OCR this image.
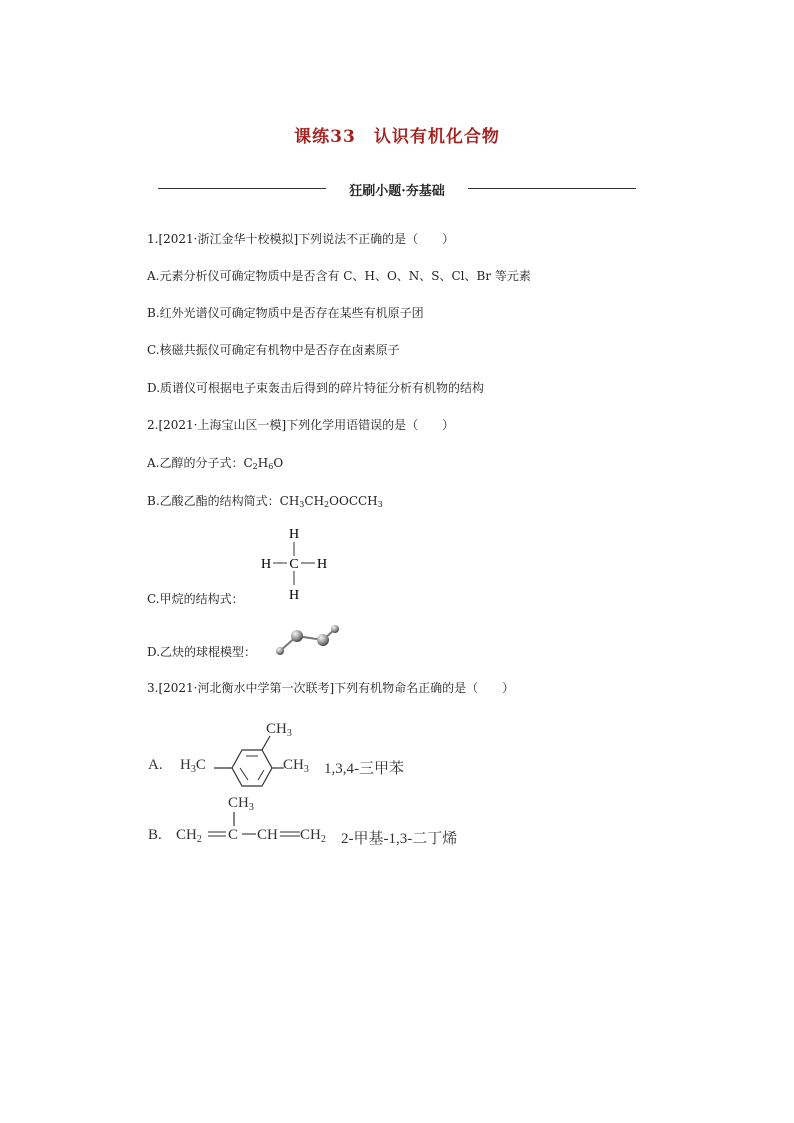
课练33　认识有机化合物
狂刷小题·夯基础
1.[2021·浙江金华十校模拟]下列说法不正确的是（　　）
A.元素分析仪可确定物质中是否含有 C、H、O、N、S、Cl、Br 等元素
B.红外光谱仪可确定物质中是否存在某些有机原子团
C.核磁共振仪可确定有机物中是否存在卤素原子
D.质谱仪可根据电子束轰击后得到的碎片特征分析有机物的结构
2.[2021·上海宝山区一模]下列化学用语错误的是（　　）
A.乙醇的分子式：$C_2H_6O$
B.乙酸乙酯的结构简式：$CH_3CH_2OOCCH_3$
H
H C H
H
C.甲烷的结构式：
D.乙炔的球棍模型：
3.[2021·河北衡水中学第一次联考]下列有机物命名正确的是（　　）
A. $H_3C$
$CH_3$
$CH_3$ 1,3,4-三甲苯
B.
$CH_3$
$CH_2$ C CH $CH_2$ 2-甲基-1,3-二丁烯
